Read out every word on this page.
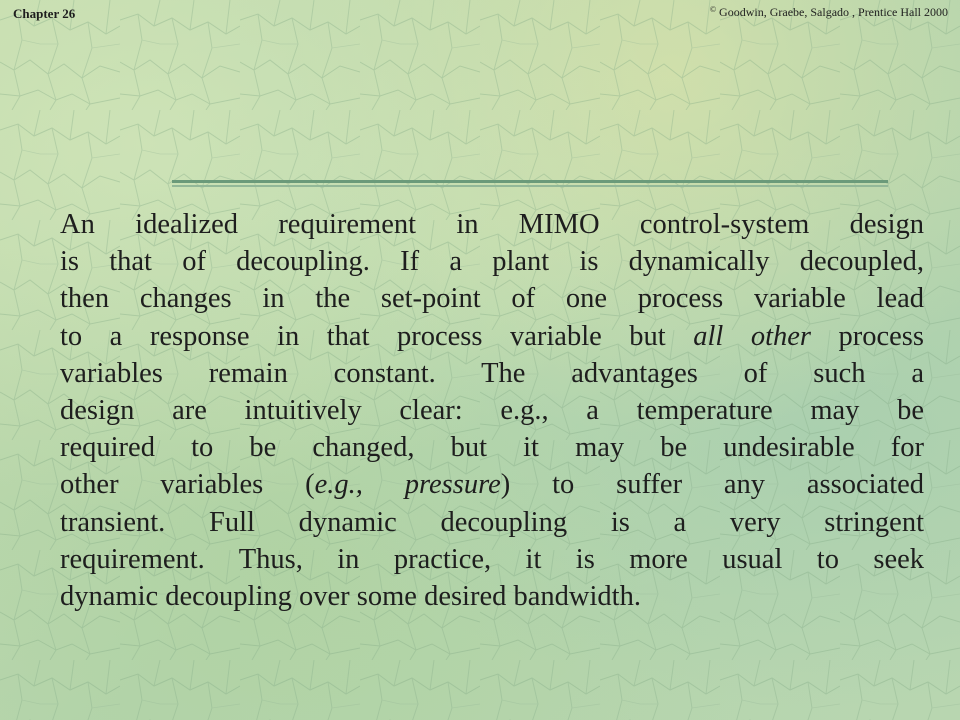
Chapter 26	© Goodwin, Graebe, Salgado , Prentice Hall 2000
An idealized requirement in MIMO control-system design
is that of decoupling. If a plant is dynamically decoupled,
then changes in the set-point of one process variable lead
to a response in that process variable but all other process
variables remain constant. The advantages of such a
design are intuitively clear: e.g., a temperature may be
required to be changed, but it may be undesirable for
other variables (e.g., pressure) to suffer any associated
transient. Full dynamic decoupling is a very stringent
requirement. Thus, in practice, it is more usual to seek
dynamic decoupling over some desired bandwidth.
